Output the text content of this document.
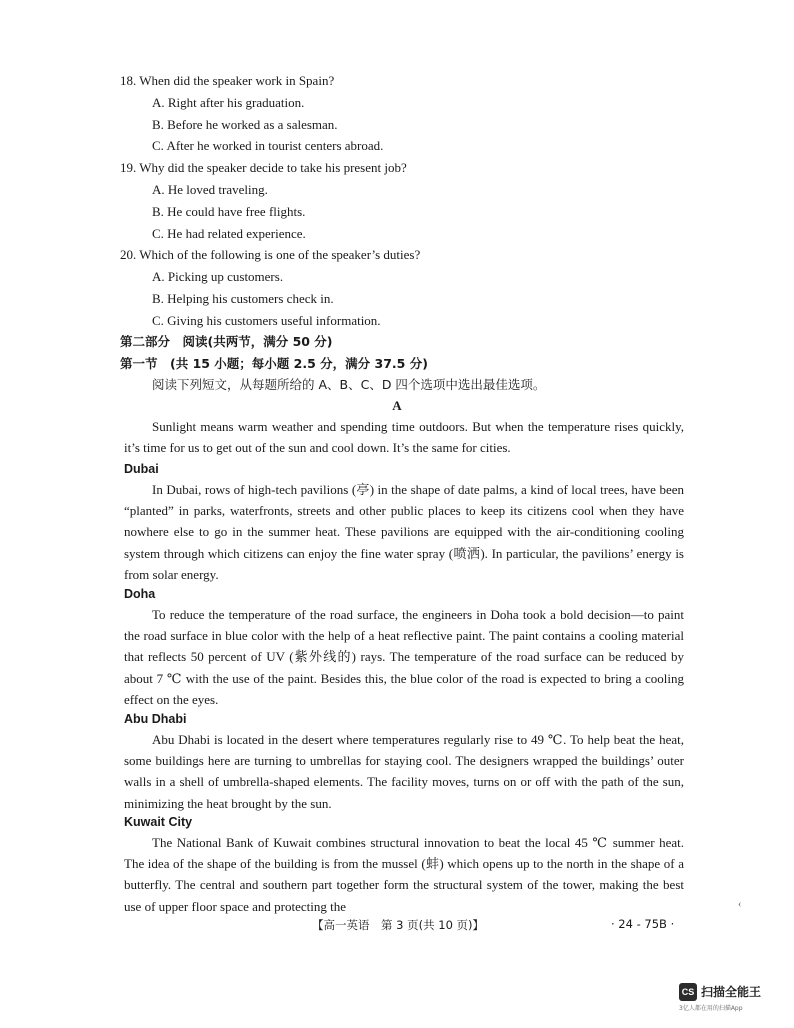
18. When did the speaker work in Spain?
A. Right after his graduation.
B. Before he worked as a salesman.
C. After he worked in tourist centers abroad.
19. Why did the speaker decide to take his present job?
A. He loved traveling.
B. He could have free flights.
C. He had related experience.
20. Which of the following is one of the speaker’s duties?
A. Picking up customers.
B. Helping his customers check in.
C. Giving his customers useful information.
第二部分　阅读(共两节，满分 50 分)
第一节　(共 15 小题；每小题 2.5 分，满分 37.5 分)
阅读下列短文，从每题所给的 A、B、C、D 四个选项中选出最佳选项。
A
Sunlight means warm weather and spending time outdoors. But when the temperature rises quickly, it’s time for us to get out of the sun and cool down. It’s the same for cities.
Dubai
In Dubai, rows of high-tech pavilions (亭) in the shape of date palms, a kind of local trees, have been “planted” in parks, waterfronts, streets and other public places to keep its citizens cool when they have nowhere else to go in the summer heat. These pavilions are equipped with the air-conditioning cooling system through which citizens can enjoy the fine water spray (喷洒). In particular, the pavilions’ energy is from solar energy.
Doha
To reduce the temperature of the road surface, the engineers in Doha took a bold decision—to paint the road surface in blue color with the help of a heat reflective paint. The paint contains a cooling material that reflects 50 percent of UV (紫外线的) rays. The temperature of the road surface can be reduced by about 7 ℃ with the use of the paint. Besides this, the blue color of the road is expected to bring a cooling effect on the eyes.
Abu Dhabi
Abu Dhabi is located in the desert where temperatures regularly rise to 49 ℃. To help beat the heat, some buildings here are turning to umbrellas for staying cool. The designers wrapped the buildings’ outer walls in a shell of umbrella-shaped elements. The facility moves, turns on or off with the path of the sun, minimizing the heat brought by the sun.
Kuwait City
The National Bank of Kuwait combines structural innovation to beat the local 45 ℃ summer heat. The idea of the shape of the building is from the mussel (蚌) which opens up to the north in the shape of a butterfly. The central and southern part together form the structural system of the tower, making the best use of upper floor space and protecting the
【高一英语　第 3 页(共 10 页)】	· 24 - 75B ·
‹
CS 扫描全能王
3亿人都在用的扫描App
